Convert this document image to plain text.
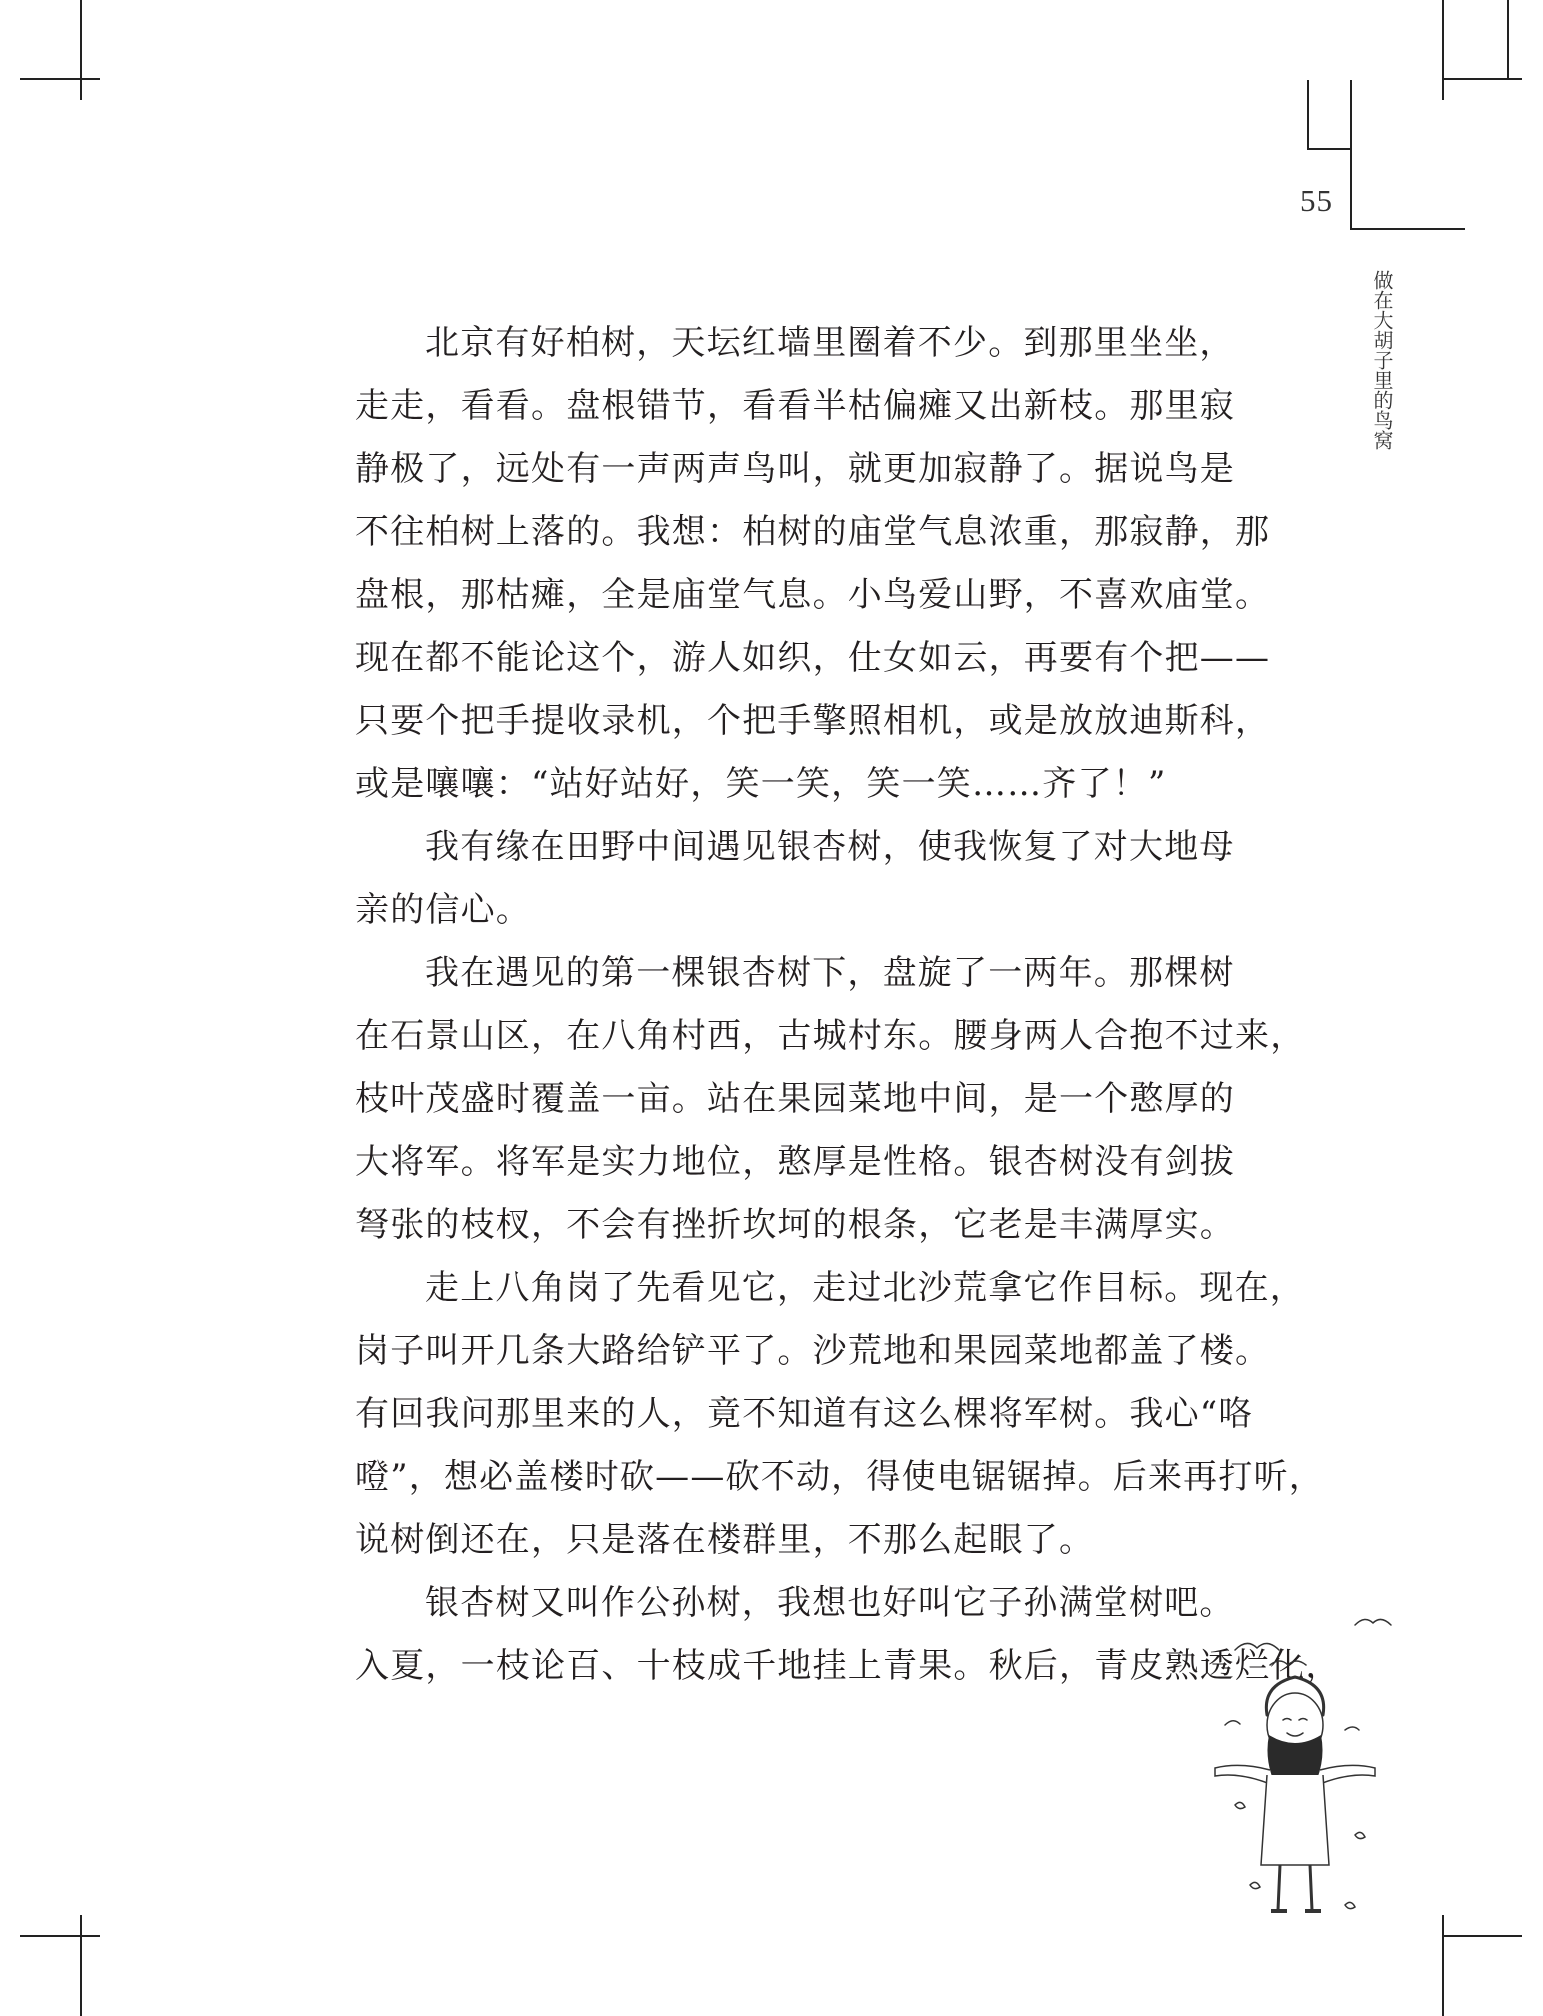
55
做在大胡子里的鸟窝
北京有好柏树，天坛红墙里圈着不少。到那里坐坐，
走走，看看。盘根错节，看看半枯偏瘫又出新枝。那里寂
静极了，远处有一声两声鸟叫，就更加寂静了。据说鸟是
不往柏树上落的。我想：柏树的庙堂气息浓重，那寂静，那
盘根，那枯瘫，全是庙堂气息。小鸟爱山野，不喜欢庙堂。
现在都不能论这个，游人如织，仕女如云，再要有个把——
只要个把手提收录机，个把手擎照相机，或是放放迪斯科，
或是嚷嚷：“站好站好，笑一笑，笑一笑……齐了！”
我有缘在田野中间遇见银杏树，使我恢复了对大地母
亲的信心。
我在遇见的第一棵银杏树下，盘旋了一两年。那棵树
在石景山区，在八角村西，古城村东。腰身两人合抱不过来，
枝叶茂盛时覆盖一亩。站在果园菜地中间，是一个憨厚的
大将军。将军是实力地位，憨厚是性格。银杏树没有剑拔
弩张的枝杈，不会有挫折坎坷的根条，它老是丰满厚实。
走上八角岗了先看见它，走过北沙荒拿它作目标。现在，
岗子叫开几条大路给铲平了。沙荒地和果园菜地都盖了楼。
有回我问那里来的人，竟不知道有这么棵将军树。我心“咯
噔”，想必盖楼时砍——砍不动，得使电锯锯掉。后来再打听，
说树倒还在，只是落在楼群里，不那么起眼了。
银杏树又叫作公孙树，我想也好叫它子孙满堂树吧。
入夏，一枝论百、十枝成千地挂上青果。秋后，青皮熟透烂化，
